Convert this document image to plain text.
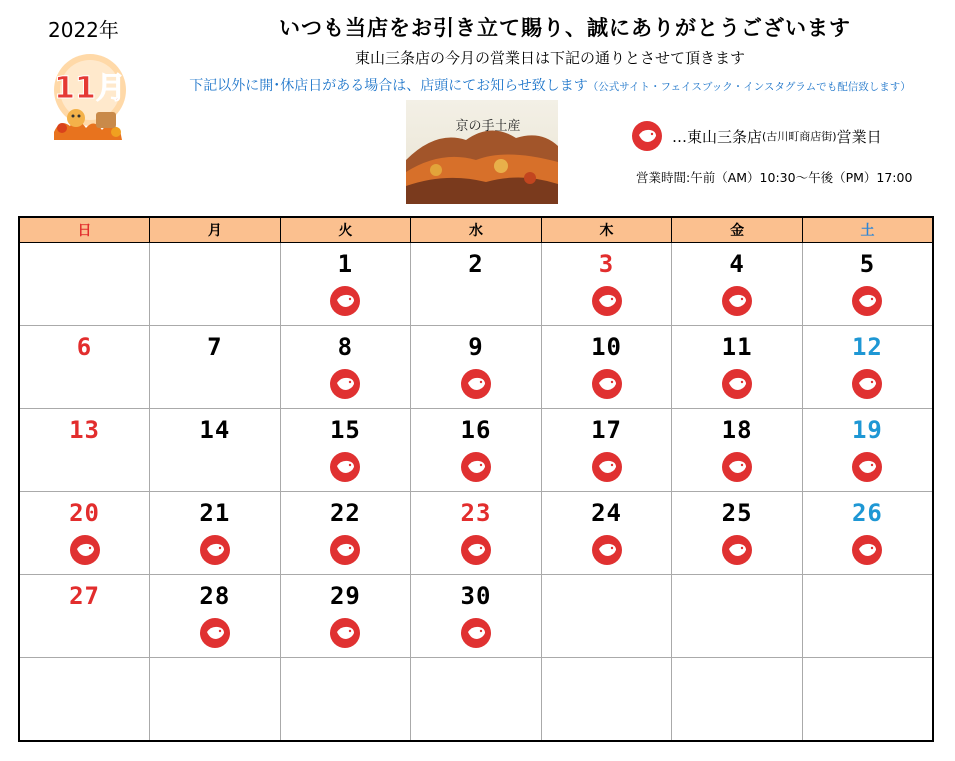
2022年
11月
いつも当店をお引き立て賜り、誠にありがとうございます
東山三条店の今月の営業日は下記の通りとさせて頂きます
下記以外に開･休店日がある場合は、店頭にてお知らせ致します（公式サイト・フェイスブック・インスタグラムでも配信致します）
京の手土産
…東山三条店 (古川町商店街) 営業日
営業時間:午前（AM）10:30～午後（PM）17:00
日	月	火	水	木	金	土

		1	2	3	4	5

6	7	8	9	10	11	12

13	14	15	16	17	18	19

20	21	22	23	24	25	26

27	28	29	30			
